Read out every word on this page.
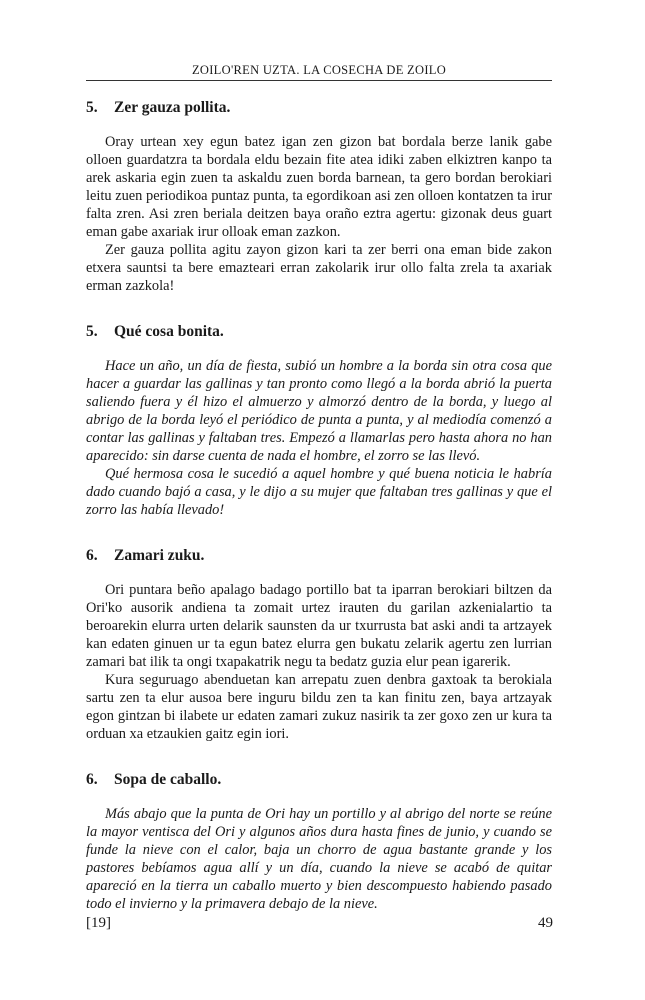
ZOILO'REN UZTA. LA COSECHA DE ZOILO
5. Zer gauza pollita.

Oray urtean xey egun batez igan zen gizon bat bordala berze lanik gabe olloen guardatzra ta bordala eldu bezain fite atea idiki zaben elkiztren kanpo ta arek askaria egin zuen ta askaldu zuen borda barnean, ta gero bordan berokiari leitu zuen periodikoa puntaz punta, ta egordikoan asi zen olloen kontatzen ta irur falta zren. Asi zren beriala deitzen baya oraño eztra agertu: gizonak deus guart eman gabe axariak irur olloak eman zazkon.

Zer gauza pollita agitu zayon gizon kari ta zer berri ona eman bide zakon etxera sauntsi ta bere emazteari erran zakolarik irur ollo falta zrela ta axariak erman zazkola!

5. Qué cosa bonita.

Hace un año, un día de fiesta, subió un hombre a la borda sin otra cosa que hacer a guardar las gallinas y tan pronto como llegó a la borda abrió la puerta saliendo fuera y él hizo el almuerzo y almorzó dentro de la borda, y luego al abrigo de la borda leyó el periódico de punta a punta, y al mediodía comenzó a contar las gallinas y faltaban tres. Empezó a llamarlas pero hasta ahora no han aparecido: sin darse cuenta de nada el hombre, el zorro se las llevó.

Qué hermosa cosa le sucedió a aquel hombre y qué buena noticia le habría dado cuando bajó a casa, y le dijo a su mujer que faltaban tres gallinas y que el zorro las había llevado!

6. Zamari zuku.

Ori puntara beño apalago badago portillo bat ta iparran berokiari biltzen da Ori'ko ausorik andiena ta zomait urtez irauten du garilan azkenialartio ta beroarekin elurra urten delarik saunsten da ur txurrusta bat aski andi ta artzayek kan edaten ginuen ur ta egun batez elurra gen bukatu zelarik agertu zen lurrian zamari bat ilik ta ongi txapakatrik negu ta bedatz guzia elur pean igarerik.

Kura seguruago abenduetan kan arrepatu zuen denbra gaxtoak ta berokiala sartu zen ta elur ausoa bere inguru bildu zen ta kan finitu zen, baya artzayak egon gintzan bi ilabete ur edaten zamari zukuz nasirik ta zer goxo zen ur kura ta orduan xa etzaukien gaitz egin iori.

6. Sopa de caballo.

Más abajo que la punta de Ori hay un portillo y al abrigo del norte se reúne la mayor ventisca del Ori y algunos años dura hasta fines de junio, y cuando se funde la nieve con el calor, baja un chorro de agua bastante grande y los pastores bebíamos agua allí y un día, cuando la nieve se acabó de quitar apareció en la tierra un caballo muerto y bien descompuesto habiendo pasado todo el invierno y la primavera debajo de la nieve.

[19]	49
